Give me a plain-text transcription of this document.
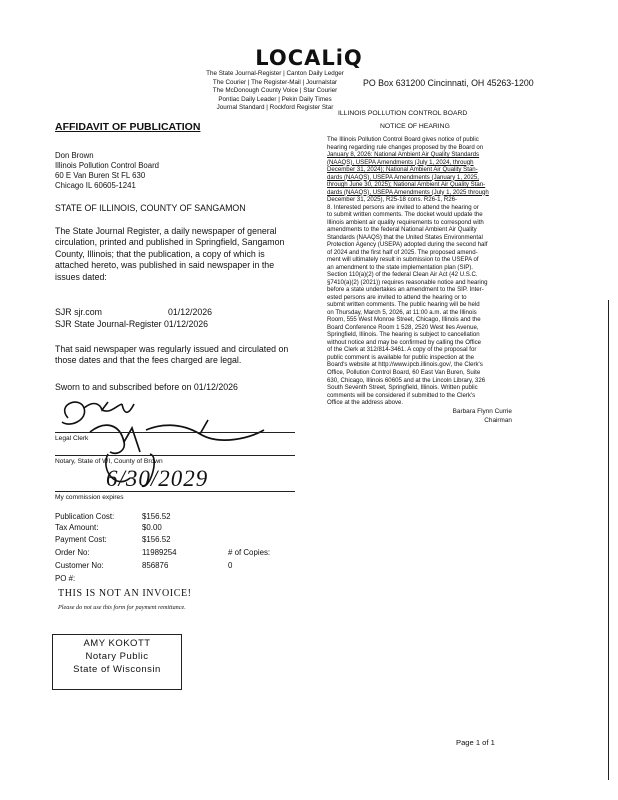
LOCALiQ
The State Journal-Register | Canton Daily Ledger
The Courier | The Register-Mail | Journalstar
The McDonough County Voice | Star Courier
Pontiac Daily Leader | Pekin Daily Times
Journal Standard | Rockford Register Star
PO Box 631200 Cincinnati, OH 45263-1200
AFFIDAVIT OF PUBLICATION
Don Brown
Illinois Pollution Control Board
60 E Van Buren St FL 630
Chicago IL 60605-1241
STATE OF ILLINOIS, COUNTY OF SANGAMON
The State Journal Register, a daily newspaper of general
circulation, printed and published in Springfield, Sangamon
County, Illinois; that the publication, a copy of which is
attached hereto, was published in said newspaper in the
issues dated:
SJR sjr.com	01/12/2026
SJR State Journal-Register 01/12/2026
That said newspaper was regularly issued and circulated on
those dates and that the fees charged are legal.
Sworn to and subscribed before on 01/12/2026
Legal Clerk
Notary, State of WI, County of Brown
6/30/2029
My commission expires
Publication Cost:	$156.52
Tax Amount:	$0.00
Payment Cost:	$156.52
Order No:	11989254	# of Copies:
Customer No:	856876	0
PO #:
THIS IS NOT AN INVOICE!
Please do not use this form for payment remittance.
AMY KOKOTT
Notary Public
State of Wisconsin
ILLINOIS POLLUTION CONTROL BOARD
NOTICE OF HEARING
The Illinois Pollution Control Board gives notice of public
hearing regarding rule changes proposed by the Board on
January 8, 2026: National Ambient Air Quality Standards
(NAAQS), USEPA Amendments (July 1, 2024, through
December 31, 2024); National Ambient Air Quality Stan-
dards (NAAQS), USEPA Amendments (January 1, 2025,
through June 30, 2025); National Ambient Air Quality Stan-
dards (NAAQS), USEPA Amendments (July 1, 2025 through
December 31, 2025), R25-18 cons. R26-1, R26-
8. Interested persons are invited to attend the hearing or
to submit written comments. The docket would update the
Illinois ambient air quality requirements to correspond with
amendments to the federal National Ambient Air Quality
Standards (NAAQS) that the United States Environmental
Protection Agency (USEPA) adopted during the second half
of 2024 and the first half of 2025. The proposed amend-
ment will ultimately result in submission to the USEPA of
an amendment to the state implementation plan (SIP).
Section 110(a)(2) of the federal Clean Air Act (42 U.S.C.
§7410(a)(2) (2021)) requires reasonable notice and hearing
before a state undertakes an amendment to the SIP. Inter-
ested persons are invited to attend the hearing or to
submit written comments. The public hearing will be held
on Thursday, March 5, 2026, at 11:00 a.m. at the Illinois
Room, 555 West Monroe Street, Chicago, Illinois and the
Board Conference Room 1 528, 2520 West Iles Avenue,
Springfield, Illinois. The hearing is subject to cancellation
without notice and may be confirmed by calling the Office
of the Clerk at 312/814-3461. A copy of the proposal for
public comment is available for public inspection at the
Board's website at http://www.ipcb.illinois.gov/, the Clerk's
Office, Pollution Control Board, 60 East Van Buren, Suite
630, Chicago, Illinois 60605 and at the Lincoln Library, 326
South Seventh Street, Springfield, Illinois. Written public
comments will be considered if submitted to the Clerk's
Office at the address above.
Barbara Flynn Currie
Chairman
Page 1 of 1
